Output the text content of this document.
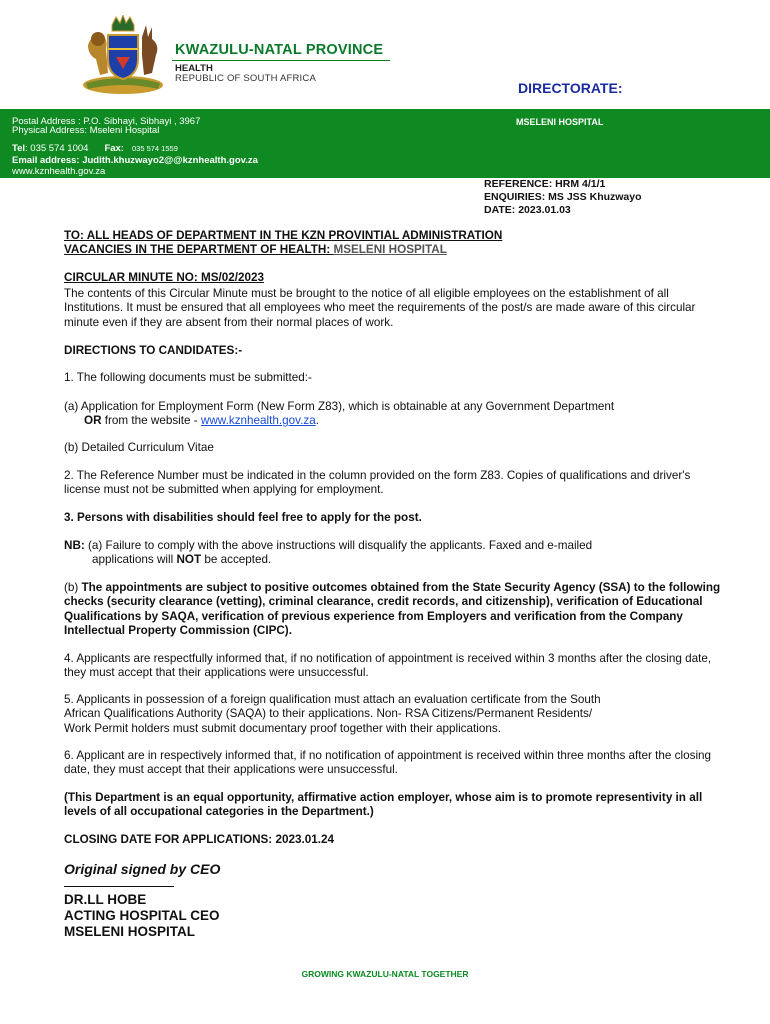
KWAZULU-NATAL PROVINCE
HEALTH
REPUBLIC OF SOUTH AFRICA
DIRECTORATE:
Postal Address : P.O. Sibhayi, Sibhayi , 3967
Physical Address: Mseleni Hospital
Tel: 035 574 1004 Fax: 035 574 1559
Email address: Judith.khuzwayo2@@kznhealth.gov.za
www.kznhealth.gov.za
MSELENI HOSPITAL
REFERENCE: HRM 4/1/1
ENQUIRIES: MS JSS Khuzwayo
DATE: 2023.01.03
TO: ALL HEADS OF DEPARTMENT IN THE KZN PROVINTIAL ADMINISTRATION
VACANCIES IN THE DEPARTMENT OF HEALTH: MSELENI HOSPITAL
CIRCULAR MINUTE NO: MS/02/2023
The contents of this Circular Minute must be brought to the notice of all eligible employees on the establishment of all Institutions. It must be ensured that all employees who meet the requirements of the post/s are made aware of this circular minute even if they are absent from their normal places of work.
DIRECTIONS TO CANDIDATES:-
1. The following documents must be submitted:-
(a) Application for Employment Form (New Form Z83), which is obtainable at any Government Department
OR from the website - www.kznhealth.gov.za.
(b) Detailed Curriculum Vitae
2. The Reference Number must be indicated in the column provided on the form Z83. Copies of qualifications and driver's license must not be submitted when applying for employment.
3. Persons with disabilities should feel free to apply for the post.
NB: (a) Failure to comply with the above instructions will disqualify the applicants. Faxed and e-mailed
applications will NOT be accepted.
(b) The appointments are subject to positive outcomes obtained from the State Security Agency (SSA) to the following checks (security clearance (vetting), criminal clearance, credit records, and citizenship), verification of Educational Qualifications by SAQA, verification of previous experience from Employers and verification from the Company Intellectual Property Commission (CIPC).
4. Applicants are respectfully informed that, if no notification of appointment is received within 3 months after the closing date, they must accept that their applications were unsuccessful.
5. Applicants in possession of a foreign qualification must attach an evaluation certificate from the South
African Qualifications Authority (SAQA) to their applications. Non- RSA Citizens/Permanent Residents/
Work Permit holders must submit documentary proof together with their applications.
6. Applicant are in respectively informed that, if no notification of appointment is received within three months after the closing date, they must accept that their applications were unsuccessful.
(This Department is an equal opportunity, affirmative action employer, whose aim is to promote representivity in all levels of all occupational categories in the Department.)
CLOSING DATE FOR APPLICATIONS: 2023.01.24
Original signed by CEO
DR.LL HOBE
ACTING HOSPITAL CEO
MSELENI HOSPITAL
GROWING KWAZULU-NATAL TOGETHER
